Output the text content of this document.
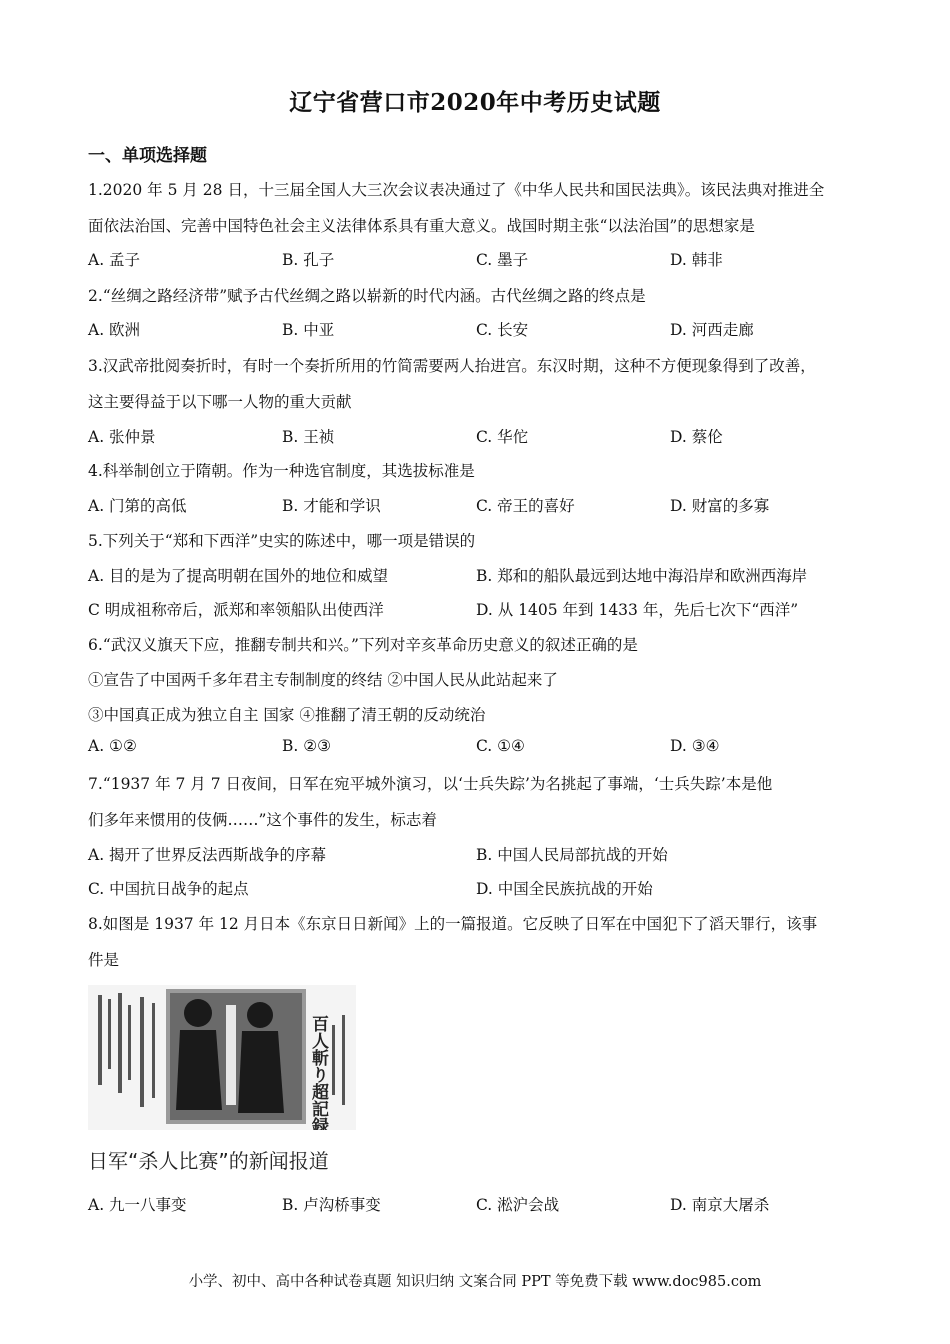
辽宁省营口市2020年中考历史试题
一、单项选择题
1.2020 年 5 月 28 日，十三届全国人大三次会议表决通过了《中华人民共和国民法典》。该民法典对推进全
面依法治国、完善中国特色社会主义法律体系具有重大意义。战国时期主张“以法治国”的思想家是
A. 孟子	B. 孔子	C. 墨子	D. 韩非
2.“丝绸之路经济带”赋予古代丝绸之路以崭新的时代内涵。古代丝绸之路的终点是
A. 欧洲	B. 中亚	C. 长安	D. 河西走廊
3.汉武帝批阅奏折时，有时一个奏折所用的竹简需要两人抬进宫。东汉时期，这种不方便现象得到了改善，
这主要得益于以下哪一人物的重大贡献
A. 张仲景	B. 王祯	C. 华佗	D. 蔡伦
4.科举制创立于隋朝。作为一种选官制度，其选拔标准是
A. 门第的高低	B. 才能和学识	C. 帝王的喜好	D. 财富的多寡
5.下列关于“郑和下西洋”史实的陈述中，哪一项是错误的
A. 目的是为了提高明朝在国外的地位和威望	B. 郑和的船队最远到达地中海沿岸和欧洲西海岸
C 明成祖称帝后，派郑和率领船队出使西洋	D. 从 1405 年到 1433 年，先后七次下“西洋”
6.“武汉义旗天下应，推翻专制共和兴。”下列对辛亥革命历史意义的叙述正确的是
①宣告了中国两千多年君主专制制度的终结 ②中国人民从此站起来了
③中国真正成为独立自主 国家 ④推翻了清王朝的反动统治
A. ①②	B. ②③	C. ①④	D. ③④
7.“1937 年 7 月 7 日夜间，日军在宛平城外演习，以‘士兵失踪’为名挑起了事端，‘士兵失踪’本是他
们多年来惯用的伎俩……”这个事件的发生，标志着
A. 揭开了世界反法西斯战争的序幕	B. 中国人民局部抗战的开始
C. 中国抗日战争的起点	D. 中国全民族抗战的开始
8.如图是 1937 年 12 月日本《东京日日新闻》上的一篇报道。它反映了日军在中国犯下了滔天罪行，该事
件是
百人斬り超記録
日军“杀人比赛”的新闻报道
A. 九一八事变	B. 卢沟桥事变	C. 淞沪会战	D. 南京大屠杀
小学、初中、高中各种试卷真题 知识归纳 文案合同 PPT 等免费下载 www.doc985.com
